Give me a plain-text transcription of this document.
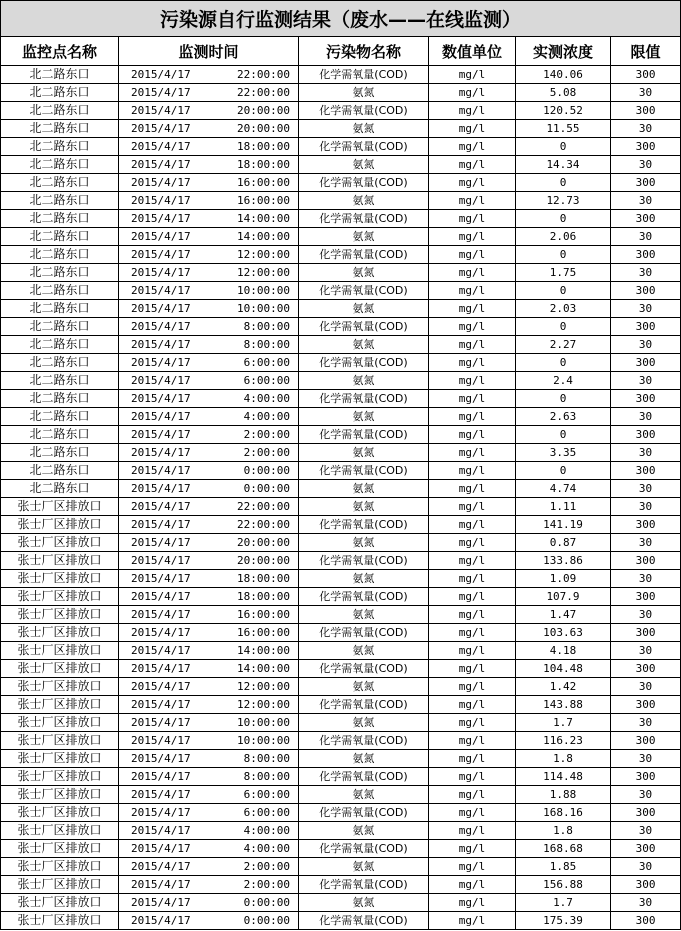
污染源自行监测结果（废水——在线监测）					
监控点名称	监测时间	污染物名称	数值单位	实测浓度	限值
北二路东口	2015/4/17 22:00:00	化学需氧量(COD)	mg/l	140.06	300
北二路东口	2015/4/17 22:00:00	氨氮	mg/l	5.08	30
北二路东口	2015/4/17 20:00:00	化学需氧量(COD)	mg/l	120.52	300
北二路东口	2015/4/17 20:00:00	氨氮	mg/l	11.55	30
北二路东口	2015/4/17 18:00:00	化学需氧量(COD)	mg/l	0	300
北二路东口	2015/4/17 18:00:00	氨氮	mg/l	14.34	30
北二路东口	2015/4/17 16:00:00	化学需氧量(COD)	mg/l	0	300
北二路东口	2015/4/17 16:00:00	氨氮	mg/l	12.73	30
北二路东口	2015/4/17 14:00:00	化学需氧量(COD)	mg/l	0	300
北二路东口	2015/4/17 14:00:00	氨氮	mg/l	2.06	30
北二路东口	2015/4/17 12:00:00	化学需氧量(COD)	mg/l	0	300
北二路东口	2015/4/17 12:00:00	氨氮	mg/l	1.75	30
北二路东口	2015/4/17 10:00:00	化学需氧量(COD)	mg/l	0	300
北二路东口	2015/4/17 10:00:00	氨氮	mg/l	2.03	30
北二路东口	2015/4/17 8:00:00	化学需氧量(COD)	mg/l	0	300
北二路东口	2015/4/17 8:00:00	氨氮	mg/l	2.27	30
北二路东口	2015/4/17 6:00:00	化学需氧量(COD)	mg/l	0	300
北二路东口	2015/4/17 6:00:00	氨氮	mg/l	2.4	30
北二路东口	2015/4/17 4:00:00	化学需氧量(COD)	mg/l	0	300
北二路东口	2015/4/17 4:00:00	氨氮	mg/l	2.63	30
北二路东口	2015/4/17 2:00:00	化学需氧量(COD)	mg/l	0	300
北二路东口	2015/4/17 2:00:00	氨氮	mg/l	3.35	30
北二路东口	2015/4/17 0:00:00	化学需氧量(COD)	mg/l	0	300
北二路东口	2015/4/17 0:00:00	氨氮	mg/l	4.74	30
张士厂区排放口	2015/4/17 22:00:00	氨氮	mg/l	1.11	30
张士厂区排放口	2015/4/17 22:00:00	化学需氧量(COD)	mg/l	141.19	300
张士厂区排放口	2015/4/17 20:00:00	氨氮	mg/l	0.87	30
张士厂区排放口	2015/4/17 20:00:00	化学需氧量(COD)	mg/l	133.86	300
张士厂区排放口	2015/4/17 18:00:00	氨氮	mg/l	1.09	30
张士厂区排放口	2015/4/17 18:00:00	化学需氧量(COD)	mg/l	107.9	300
张士厂区排放口	2015/4/17 16:00:00	氨氮	mg/l	1.47	30
张士厂区排放口	2015/4/17 16:00:00	化学需氧量(COD)	mg/l	103.63	300
张士厂区排放口	2015/4/17 14:00:00	氨氮	mg/l	4.18	30
张士厂区排放口	2015/4/17 14:00:00	化学需氧量(COD)	mg/l	104.48	300
张士厂区排放口	2015/4/17 12:00:00	氨氮	mg/l	1.42	30
张士厂区排放口	2015/4/17 12:00:00	化学需氧量(COD)	mg/l	143.88	300
张士厂区排放口	2015/4/17 10:00:00	氨氮	mg/l	1.7	30
张士厂区排放口	2015/4/17 10:00:00	化学需氧量(COD)	mg/l	116.23	300
张士厂区排放口	2015/4/17 8:00:00	氨氮	mg/l	1.8	30
张士厂区排放口	2015/4/17 8:00:00	化学需氧量(COD)	mg/l	114.48	300
张士厂区排放口	2015/4/17 6:00:00	氨氮	mg/l	1.88	30
张士厂区排放口	2015/4/17 6:00:00	化学需氧量(COD)	mg/l	168.16	300
张士厂区排放口	2015/4/17 4:00:00	氨氮	mg/l	1.8	30
张士厂区排放口	2015/4/17 4:00:00	化学需氧量(COD)	mg/l	168.68	300
张士厂区排放口	2015/4/17 2:00:00	氨氮	mg/l	1.85	30
张士厂区排放口	2015/4/17 2:00:00	化学需氧量(COD)	mg/l	156.88	300
张士厂区排放口	2015/4/17 0:00:00	氨氮	mg/l	1.7	30
张士厂区排放口	2015/4/17 0:00:00	化学需氧量(COD)	mg/l	175.39	300
